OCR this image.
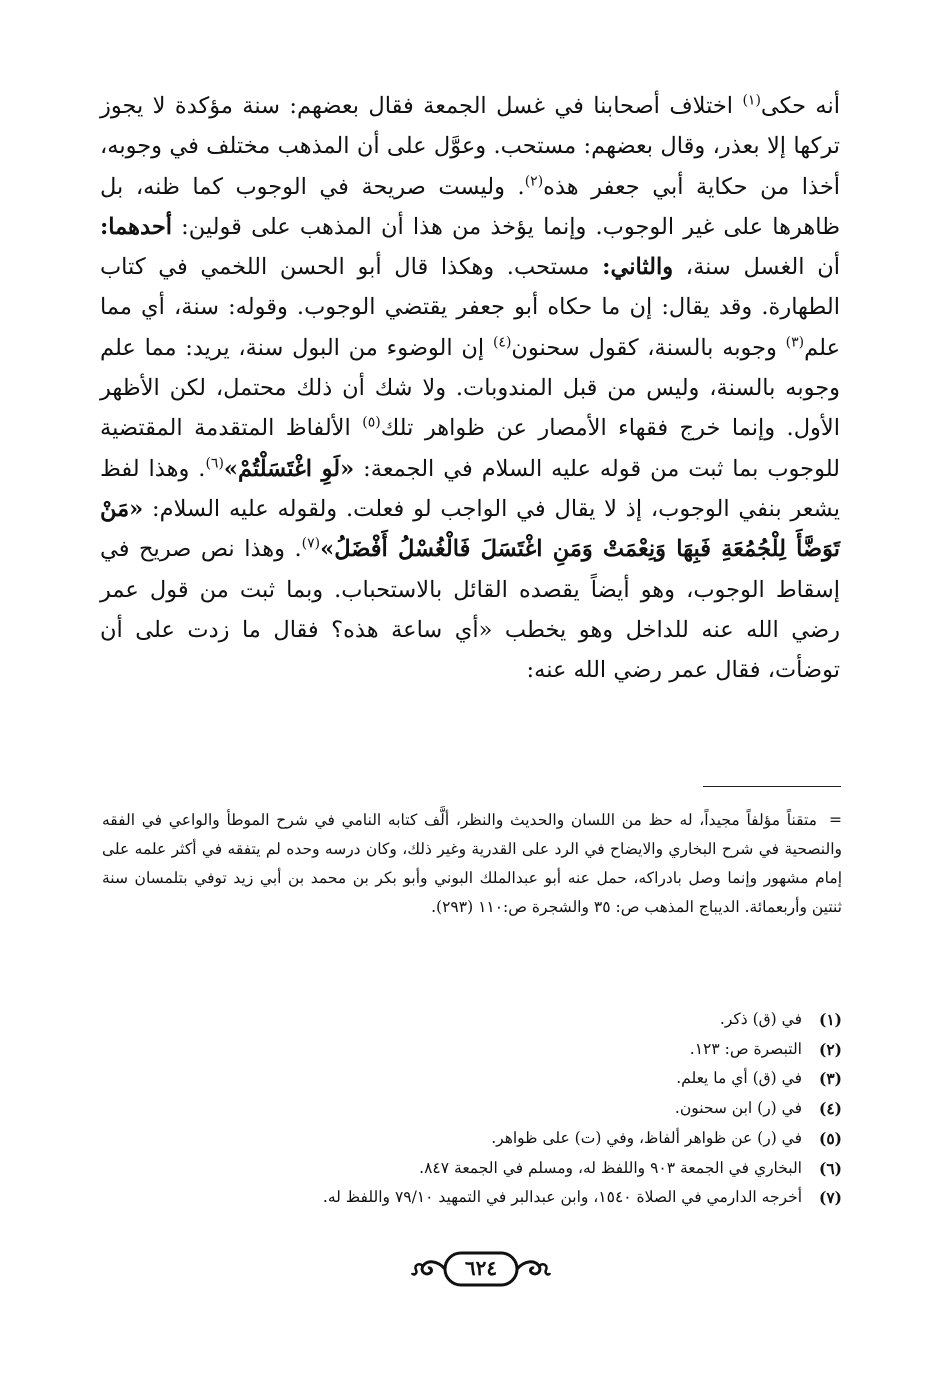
أنه حكى$^{(١)}$ اختلاف أصحابنا في غسل الجمعة فقال بعضهم: سنة مؤكدة لا يجوز تركها إلا بعذر، وقال بعضهم: مستحب. وعوَّل على أن المذهب مختلف في وجوبه، أخذا من حكاية أبي جعفر هذه$^{(٢)}$. وليست صريحة في الوجوب كما ظنه، بل ظاهرها على غير الوجوب. وإنما يؤخذ من هذا أن المذهب على قولين: أحدهما: أن الغسل سنة، والثاني: مستحب. وهكذا قال أبو الحسن اللخمي في كتاب الطهارة. وقد يقال: إن ما حكاه أبو جعفر يقتضي الوجوب. وقوله: سنة، أي مما علم$^{(٣)}$ وجوبه بالسنة، كقول سحنون$^{(٤)}$ إن الوضوء من البول سنة، يريد: مما علم وجوبه بالسنة، وليس من قبل المندوبات. ولا شك أن ذلك محتمل، لكن الأظهر الأول. وإنما خرج فقهاء الأمصار عن ظواهر تلك$^{(٥)}$ الألفاظ المتقدمة المقتضية للوجوب بما ثبت من قوله عليه السلام في الجمعة: «لَوِ اغْتَسَلْتُمْ»$^{(٦)}$. وهذا لفظ يشعر بنفي الوجوب، إذ لا يقال في الواجب لو فعلت. ولقوله عليه السلام: «مَنْ تَوَضَّأَ لِلْجُمُعَةِ فَبِهَا وَنِعْمَتْ وَمَنِ اغْتَسَلَ فَالْغُسْلُ أَفْضَلُ»$^{(٧)}$. وهذا نص صريح في إسقاط الوجوب، وهو أيضاً يقصده القائل بالاستحباب. وبما ثبت من قول عمر رضي الله عنه للداخل وهو يخطب «أي ساعة هذه؟ فقال ما زدت على أن توضأت، فقال عمر رضي الله عنه:

=متقناً مؤلفاً مجيداً، له حظ من اللسان والحديث والنظر، ألَّف كتابه النامي في شرح الموطأ والواعي في الفقه والنصحية في شرح البخاري والايضاح في الرد على القدرية وغير ذلك، وكان درسه وحده لم يتفقه في أكثر علمه على إمام مشهور وإنما وصل بادراكه، حمل عنه أبو عبدالملك البوني وأبو بكر بن محمد بن أبي زيد توفي بتلمسان سنة ثنتين وأربعمائة. الديباج المذهب ص: ٣٥ والشجرة ص:١١٠ (٢٩٣).
(١)
في (ق) ذكر.
(٢)
التبصرة ص: ١٢٣.
(٣)
في (ق) أي ما يعلم.
(٤)
في (ر) ابن سحنون.
(٥)
في (ر) عن ظواهر ألفاظ، وفي (ت) على ظواهر.
(٦)
البخاري في الجمعة ٩٠٣ واللفظ له، ومسلم في الجمعة ٨٤٧.
(٧)
أخرجه الدارمي في الصلاة ١٥٤٠، وابن عبدالبر في التمهيد ٧٩/١٠ واللفظ له.
٦٢٤
